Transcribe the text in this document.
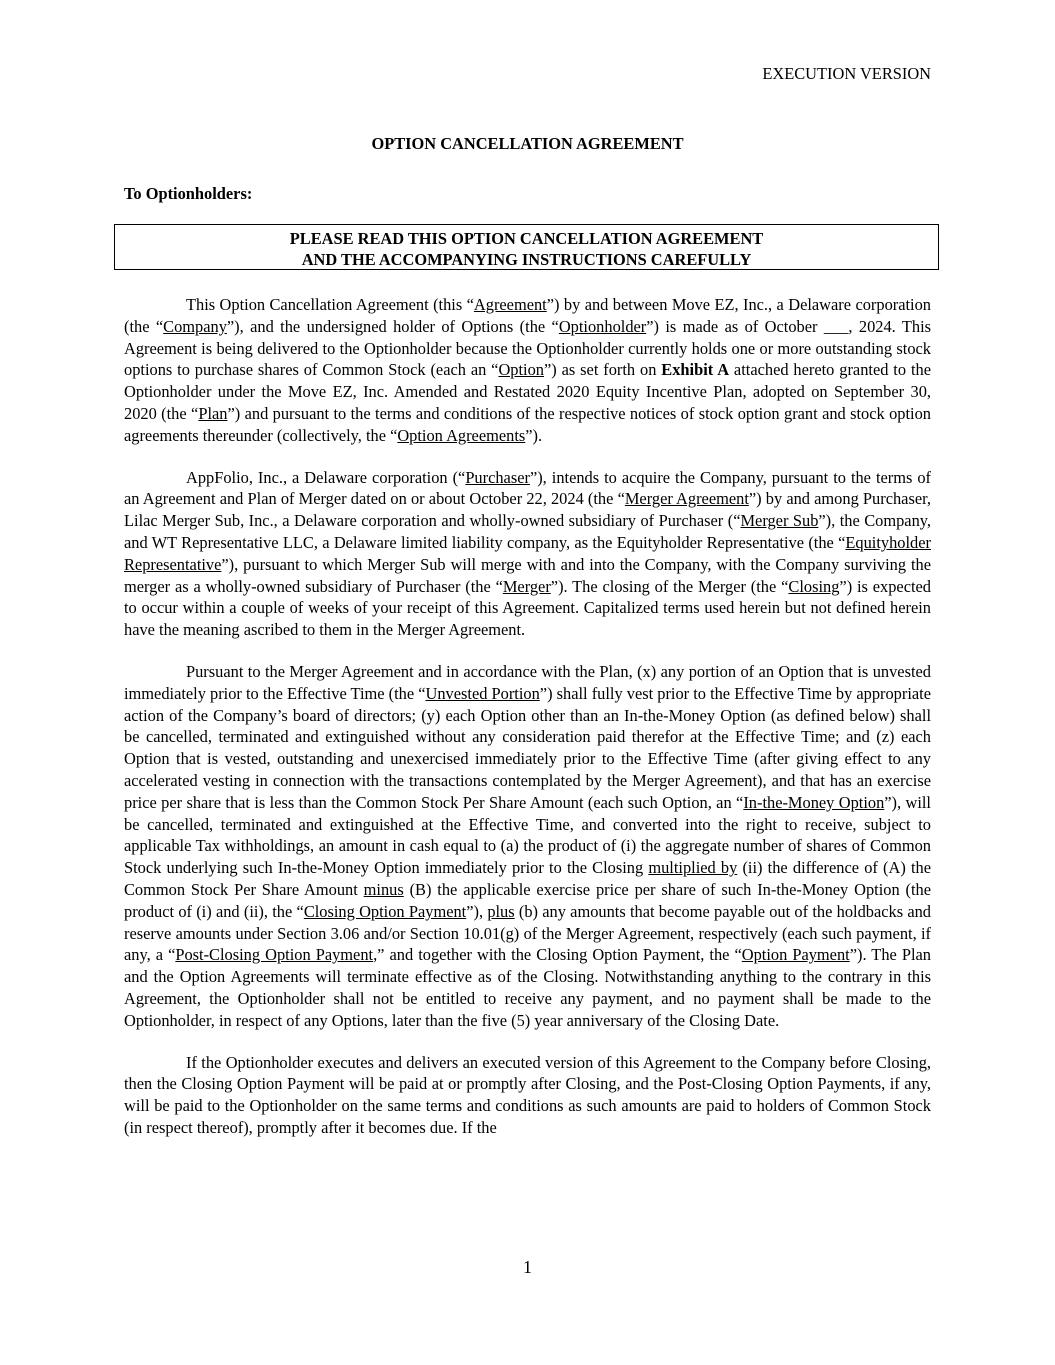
EXECUTION VERSION
OPTION CANCELLATION AGREEMENT
To Optionholders:
PLEASE READ THIS OPTION CANCELLATION AGREEMENT
AND THE ACCOMPANYING INSTRUCTIONS CAREFULLY

This Option Cancellation Agreement (this “Agreement”) by and between Move EZ, Inc., a Delaware corporation (the “Company”), and the undersigned holder of Options (the “Optionholder”) is made as of October ___, 2024. This Agreement is being delivered to the Optionholder because the Optionholder currently holds one or more outstanding stock options to purchase shares of Common Stock (each an “Option”) as set forth on Exhibit A attached hereto granted to the Optionholder under the Move EZ, Inc. Amended and Restated 2020 Equity Incentive Plan, adopted on September 30, 2020 (the “Plan”) and pursuant to the terms and conditions of the respective notices of stock option grant and stock option agreements thereunder (collectively, the “Option Agreements”).

AppFolio, Inc., a Delaware corporation (“Purchaser”), intends to acquire the Company, pursuant to the terms of an Agreement and Plan of Merger dated on or about October 22, 2024 (the “Merger Agreement”) by and among Purchaser, Lilac Merger Sub, Inc., a Delaware corporation and wholly-owned subsidiary of Purchaser (“Merger Sub”), the Company, and WT Representative LLC, a Delaware limited liability company, as the Equityholder Representative (the “Equityholder Representative”), pursuant to which Merger Sub will merge with and into the Company, with the Company surviving the merger as a wholly-owned subsidiary of Purchaser (the “Merger”). The closing of the Merger (the “Closing”) is expected to occur within a couple of weeks of your receipt of this Agreement. Capitalized terms used herein but not defined herein have the meaning ascribed to them in the Merger Agreement.

Pursuant to the Merger Agreement and in accordance with the Plan, (x) any portion of an Option that is unvested immediately prior to the Effective Time (the “Unvested Portion”) shall fully vest prior to the Effective Time by appropriate action of the Company’s board of directors; (y) each Option other than an In-the-Money Option (as defined below) shall be cancelled, terminated and extinguished without any consideration paid therefor at the Effective Time; and (z) each Option that is vested, outstanding and unexercised immediately prior to the Effective Time (after giving effect to any accelerated vesting in connection with the transactions contemplated by the Merger Agreement), and that has an exercise price per share that is less than the Common Stock Per Share Amount (each such Option, an “In-the-Money Option”), will be cancelled, terminated and extinguished at the Effective Time, and converted into the right to receive, subject to applicable Tax withholdings, an amount in cash equal to (a) the product of (i) the aggregate number of shares of Common Stock underlying such In-the-Money Option immediately prior to the Closing multiplied by (ii) the difference of (A) the Common Stock Per Share Amount minus (B) the applicable exercise price per share of such In-the-Money Option (the product of (i) and (ii), the “Closing Option Payment”), plus (b) any amounts that become payable out of the holdbacks and reserve amounts under Section 3.06 and/or Section 10.01(g) of the Merger Agreement, respectively (each such payment, if any, a “Post-Closing Option Payment,” and together with the Closing Option Payment, the “Option Payment”). The Plan and the Option Agreements will terminate effective as of the Closing. Notwithstanding anything to the contrary in this Agreement, the Optionholder shall not be entitled to receive any payment, and no payment shall be made to the Optionholder, in respect of any Options, later than the five (5) year anniversary of the Closing Date.

If the Optionholder executes and delivers an executed version of this Agreement to the Company before Closing, then the Closing Option Payment will be paid at or promptly after Closing, and the Post-Closing Option Payments, if any, will be paid to the Optionholder on the same terms and conditions as such amounts are paid to holders of Common Stock (in respect thereof), promptly after it becomes due. If the

1
